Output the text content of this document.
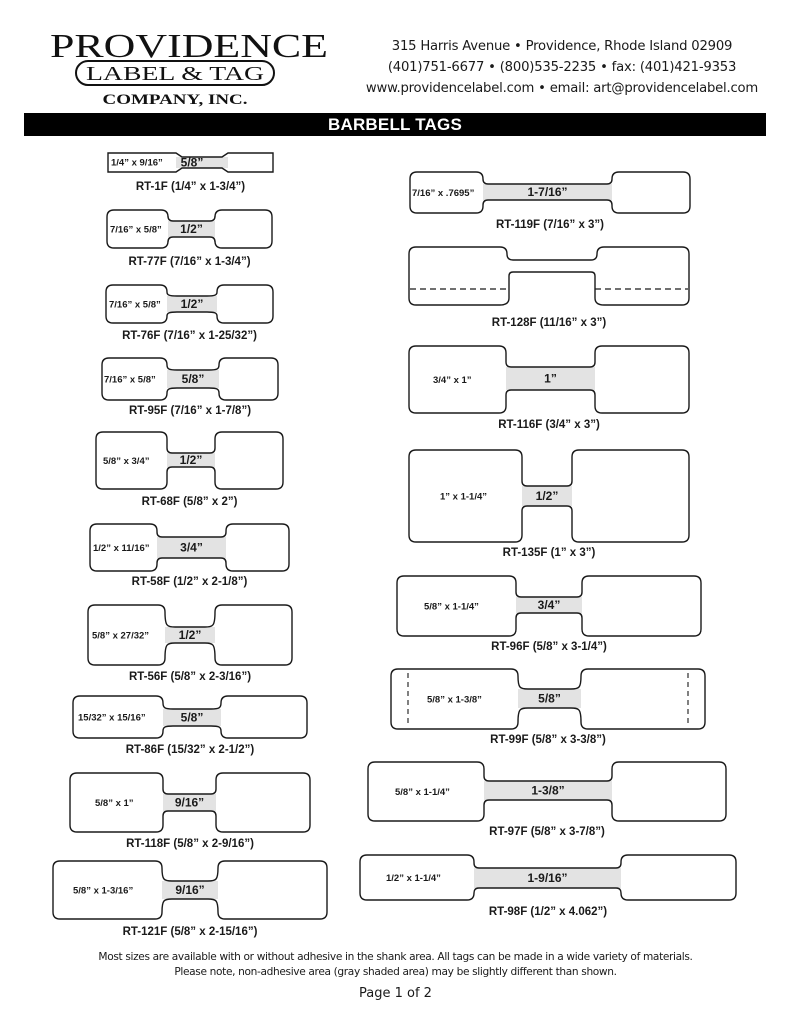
PROVIDENCE
LABEL & TAG
COMPANY, INC.
315 Harris Avenue • Providence, Rhode Island 02909
(401)751-6677 • (800)535-2235 • fax: (401)421-9353
www.providencelabel.com • email: art@providencelabel.com
BARBELL TAGS
1/4” x 9/16” 5/8”
RT-1F (1/4” x 1-3/4”)
7/16” x 5/8” 1/2”
RT-77F (7/16” x 1-3/4”)
7/16” x 5/8” 1/2”
RT-76F (7/16” x 1-25/32”)
7/16” x 5/8” 5/8”
RT-95F (7/16” x 1-7/8”)
5/8” x 3/4”	1/2”
RT-68F (5/8” x 2”)
1/2” x 11/16”	3/4”
RT-58F (1/2” x 2-1/8”)
5/8” x 27/32” 1/2”
RT-56F (5/8” x 2-3/16”)
15/32” x 15/16”	5/8”
RT-86F (15/32” x 2-1/2”)
5/8” x 1”	9/16”
RT-118F (5/8” x 2-9/16”)
5/8” x 1-3/16”	9/16”
RT-121F (5/8” x 2-15/16”)
7/16” x .7695”	1-7/16”
RT-119F (7/16” x 3”)
RT-128F (11/16” x 3”)
3/4” x 1”	1”
RT-116F (3/4” x 3”)
1” x 1-1/4”	1/2”
RT-135F (1” x 3”)
5/8” x 1-1/4”	3/4”
RT-96F (5/8” x 3-1/4”)
5/8” x 1-3/8”	5/8”
RT-99F (5/8” x 3-3/8”)
5/8” x 1-1/4”	1-3/8”
RT-97F (5/8” x 3-7/8”)
1/2” x 1-1/4”	1-9/16”
RT-98F (1/2” x 4.062”)
Most sizes are available with or without adhesive in the shank area. All tags can be made in a wide variety of materials.
Please note, non-adhesive area (gray shaded area) may be slightly different than shown.
Page 1 of 2
